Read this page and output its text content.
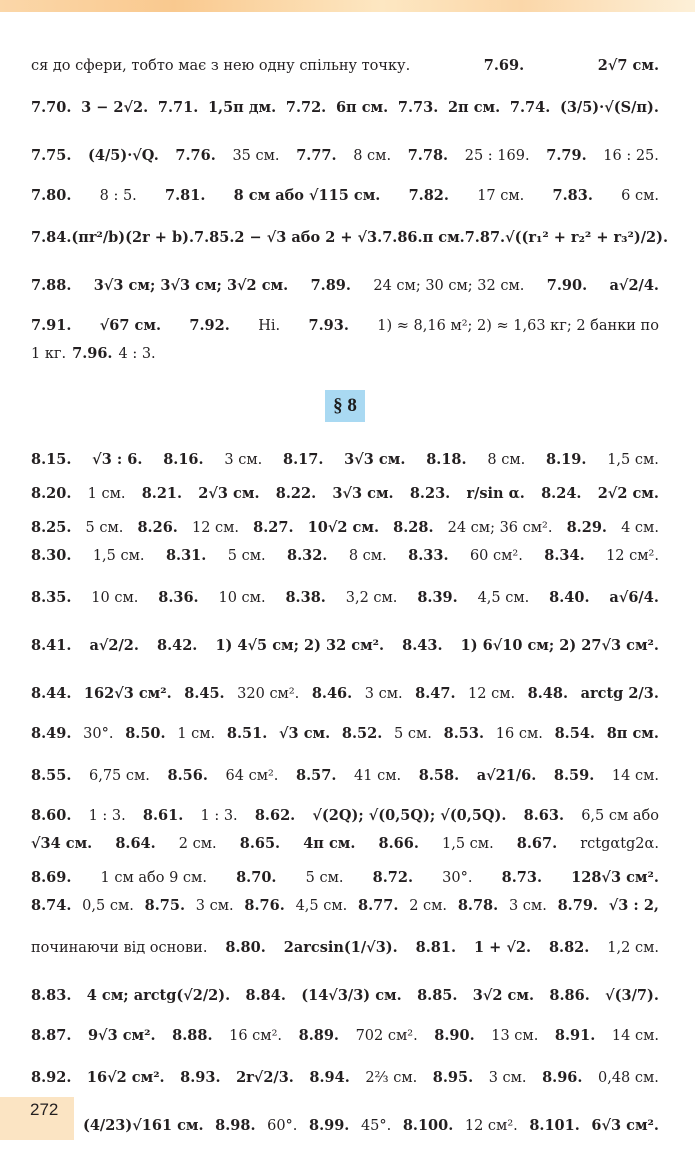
ся до сфери, тобто має з нею одну спільну точку.	7.69.	2√7 см.
7.70. 3 − 2√2. 7.71. 1,5π дм. 7.72. 6π см. 7.73. 2π см. 7.74. (3/5)·√(S/π).
7.75. (4/5)·√Q. 7.76. 35 см. 7.77. 8 см. 7.78. 25 : 169. 7.79. 16 : 25.
7.80. 8 : 5. 7.81. 8 см або √115 см. 7.82. 17 см. 7.83. 6 см.
7.84. (πr²/b)(2r + b). 7.85. 2 − √3 або 2 + √3. 7.86. π см. 7.87. √((r₁² + r₂² + r₃²)/2).
7.88. 3√3 см; 3√3 см; 3√2 см. 7.89. 24 см; 30 см; 32 см. 7.90. a√2/4.
7.91. √67 см. 7.92. Ні. 7.93. 1) ≈ 8,16 м²; 2) ≈ 1,63 кг; 2 банки по
1 кг. 7.96. 4 : 3.
§ 8
8.15. √3 : 6. 8.16. 3 см. 8.17. 3√3 см. 8.18. 8 см. 8.19. 1,5 см.
8.20. 1 см. 8.21. 2√3 см. 8.22. 3√3 см. 8.23. r/sin α. 8.24. 2√2 см.
8.25. 5 см. 8.26. 12 см. 8.27. 10√2 см. 8.28. 24 см; 36 см². 8.29. 4 см.
8.30. 1,5 см. 8.31. 5 см. 8.32. 8 см. 8.33. 60 см². 8.34. 12 см².
8.35. 10 см. 8.36. 10 см. 8.38. 3,2 см. 8.39. 4,5 см. 8.40. a√6/4.
8.41. a√2/2. 8.42. 1) 4√5 см; 2) 32 см². 8.43. 1) 6√10 см; 2) 27√3 см².
8.44. 162√3 см². 8.45. 320 см². 8.46. 3 см. 8.47. 12 см. 8.48. arctg 2/3.
8.49. 30°. 8.50. 1 см. 8.51. √3 см. 8.52. 5 см. 8.53. 16 см. 8.54. 8π см.
8.55. 6,75 см. 8.56. 64 см². 8.57. 41 см. 8.58. a√21/6. 8.59. 14 см.
8.60. 1 : 3. 8.61. 1 : 3. 8.62. √(2Q); √(0,5Q); √(0,5Q). 8.63. 6,5 см або
√34 см. 8.64. 2 см. 8.65. 4π см. 8.66. 1,5 см. 8.67. rctgαtg2α.
8.69. 1 см або 9 см. 8.70. 5 см. 8.72. 30°. 8.73. 128√3 см².
8.74. 0,5 см. 8.75. 3 см. 8.76. 4,5 см. 8.77. 2 см. 8.78. 3 см. 8.79. √3 : 2,
починаючи від основи. 8.80. 2arcsin(1/√3). 8.81. 1 + √2. 8.82. 1,2 см.
8.83. 4 см; arctg(√2/2). 8.84. (14√3/3) см. 8.85. 3√2 см. 8.86. √(3/7).
8.87. 9√3 см². 8.88. 16 см². 8.89. 702 см². 8.90. 13 см. 8.91. 14 см.
8.92. 16√2 см². 8.93. 2r√2/3. 8.94. 2⅔ см. 8.95. 3 см. 8.96. 0,48 см.
(4/23)√161 см. 8.98. 60°. 8.99. 45°. 8.100. 12 см². 8.101. 6√3 см².
272
